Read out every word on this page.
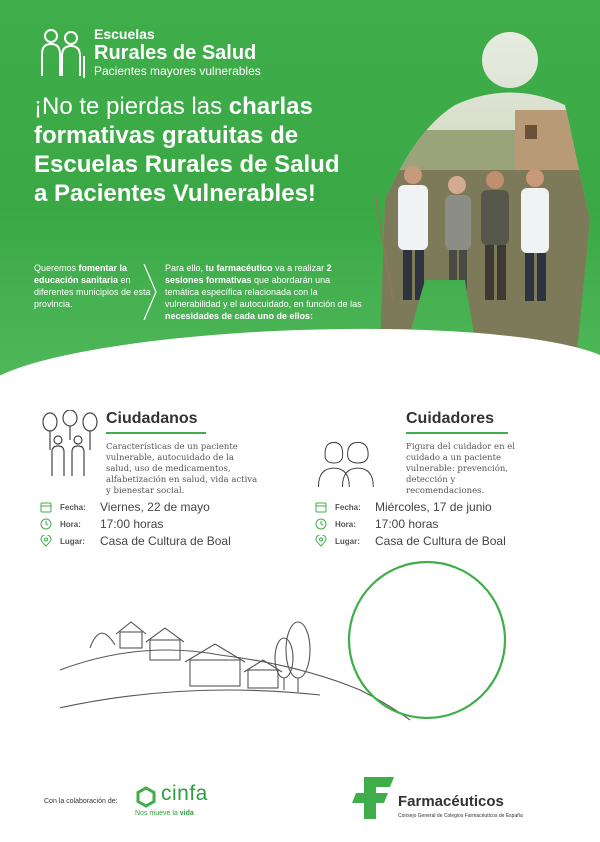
Escuelas
Rurales de Salud
Pacientes mayores vulnerables
¡No te pierdas las charlas formativas gratuitas de Escuelas Rurales de Salud a Pacientes Vulnerables!

Queremos fomentar la educación sanitaria en diferentes municipios de esta provincia.

Para ello, tu farmacéutico va a realizar 2 sesiones formativas que abordarán una temática específica relacionada con la vulnerabilidad y el autocuidado, en función de las necesidades de cada uno de ellos:

Ciudadanos
Características de un paciente vulnerable, autocuidado de la salud, uso de medicamentos, alfabetización en salud, vida activa y bienestar social.
Fecha:	Viernes, 22 de mayo
Hora:	17:00 horas
Lugar:	Casa de Cultura de Boal
Cuidadores
Figura del cuidador en el cuidado a un paciente vulnerable: prevención, detección y recomendaciones.
Fecha:	Miércoles, 17 de junio
Hora:	17:00 horas
Lugar:	Casa de Cultura de Boal
Con la colaboración de: cinfa
Nos mueve la vida
Farmacéuticos
Consejo General de Colegios Farmacéuticos de España
